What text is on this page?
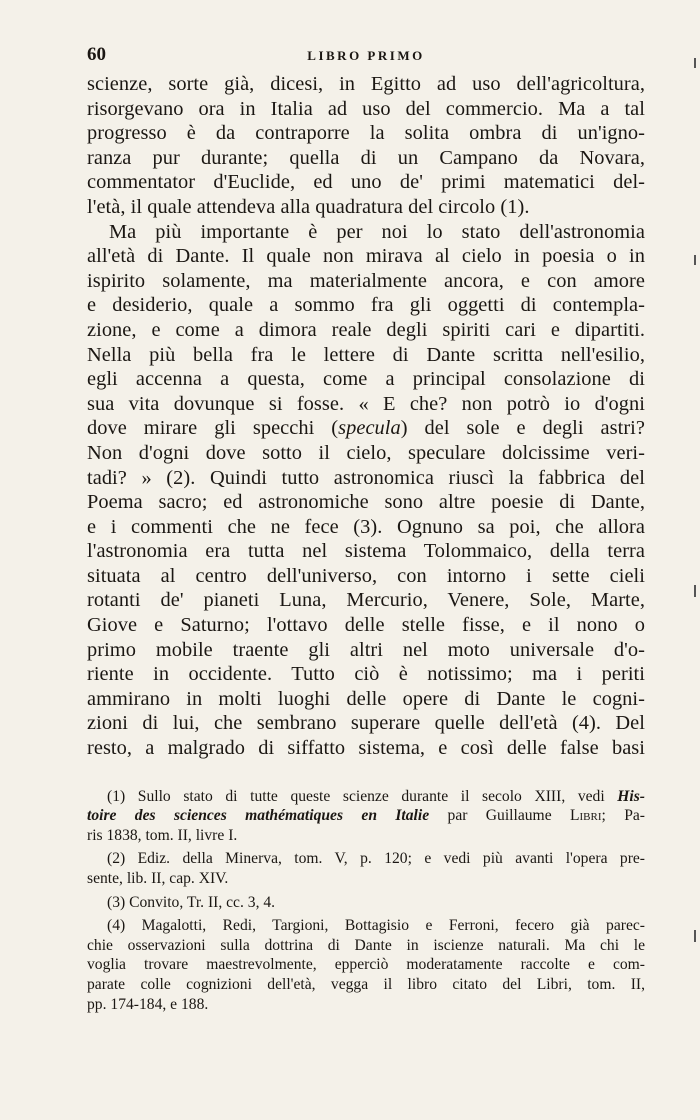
60	LIBRO PRIMO
scienze, sorte già, dicesi, in Egitto ad uso dell'agricoltura,
risorgevano ora in Italia ad uso del commercio. Ma a tal
progresso è da contraporre la solita ombra di un'igno-
ranza pur durante; quella di un Campano da Novara,
commentator d'Euclide, ed uno de' primi matematici del-
l'età, il quale attendeva alla quadratura del circolo (1).
Ma più importante è per noi lo stato dell'astronomia
all'età di Dante. Il quale non mirava al cielo in poesia o in
ispirito solamente, ma materialmente ancora, e con amore
e desiderio, quale a sommo fra gli oggetti di contempla-
zione, e come a dimora reale degli spiriti cari e dipartiti.
Nella più bella fra le lettere di Dante scritta nell'esilio,
egli accenna a questa, come a principal consolazione di
sua vita dovunque si fosse. « E che? non potrò io d'ogni
dove mirare gli specchi (specula) del sole e degli astri?
Non d'ogni dove sotto il cielo, speculare dolcissime veri-
tadi? » (2). Quindi tutto astronomica riuscì la fabbrica del
Poema sacro; ed astronomiche sono altre poesie di Dante,
e i commenti che ne fece (3). Ognuno sa poi, che allora
l'astronomia era tutta nel sistema Tolommaico, della terra
situata al centro dell'universo, con intorno i sette cieli
rotanti de' pianeti Luna, Mercurio, Venere, Sole, Marte,
Giove e Saturno; l'ottavo delle stelle fisse, e il nono o
primo mobile traente gli altri nel moto universale d'o-
riente in occidente. Tutto ciò è notissimo; ma i periti
ammirano in molti luoghi delle opere di Dante le cogni-
zioni di lui, che sembrano superare quelle dell'età (4). Del
resto, a malgrado di siffatto sistema, e così delle false basi
(1) Sullo stato di tutte queste scienze durante il secolo XIII, vedi His-
toire des sciences mathématiques en Italie par Guillaume Libri; Pa-
ris 1838, tom. II, livre I.
(2) Ediz. della Minerva, tom. V, p. 120; e vedi più avanti l'opera pre-
sente, lib. II, cap. XIV.
(3) Convito, Tr. II, cc. 3, 4.
(4) Magalotti, Redi, Targioni, Bottagisio e Ferroni, fecero già parec-
chie osservazioni sulla dottrina di Dante in iscienze naturali. Ma chi le
voglia trovare maestrevolmente, epperciò moderatamente raccolte e com-
parate colle cognizioni dell'età, vegga il libro citato del Libri, tom. II,
pp. 174-184, e 188.
